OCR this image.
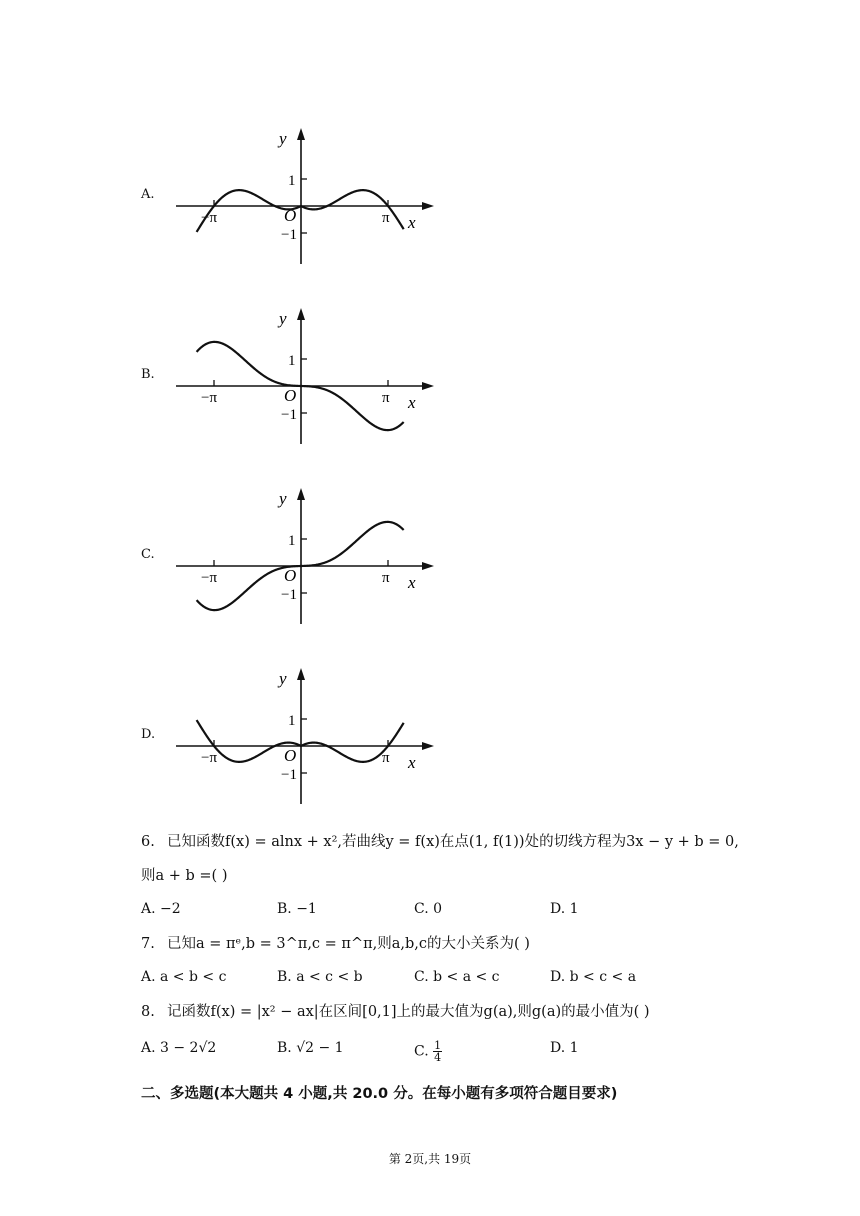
A.
y
x
1
−1
−π	π
O
B.
y
x
1
−1
−π	π
O
C.
y
x
1
−1
−π	π
O
D.
y
x
1
−1
−π	π
O
6. 已知函数f(x) = alnx + x²,若曲线y = f(x)在点(1, f(1))处的切线方程为3x − y + b = 0,
则a + b =( )
A. −2	B. −1	C. 0	D. 1
7. 已知a = πᵉ,b = 3^π,c = π^π,则a,b,c的大小关系为( )
A. a < b < c	B. a < c < b	C. b < a < c	D. b < c < a
8. 记函数f(x) = |x² − ax|在区间[0,1]上的最大值为g(a),则g(a)的最小值为( )
A. 3 − 2√2	B. √2 − 1	C. $\frac{1}{4}$	D. 1
二、多选题(本大题共 4 小题,共 20.0 分。在每小题有多项符合题目要求)
第 2页,共 19页
